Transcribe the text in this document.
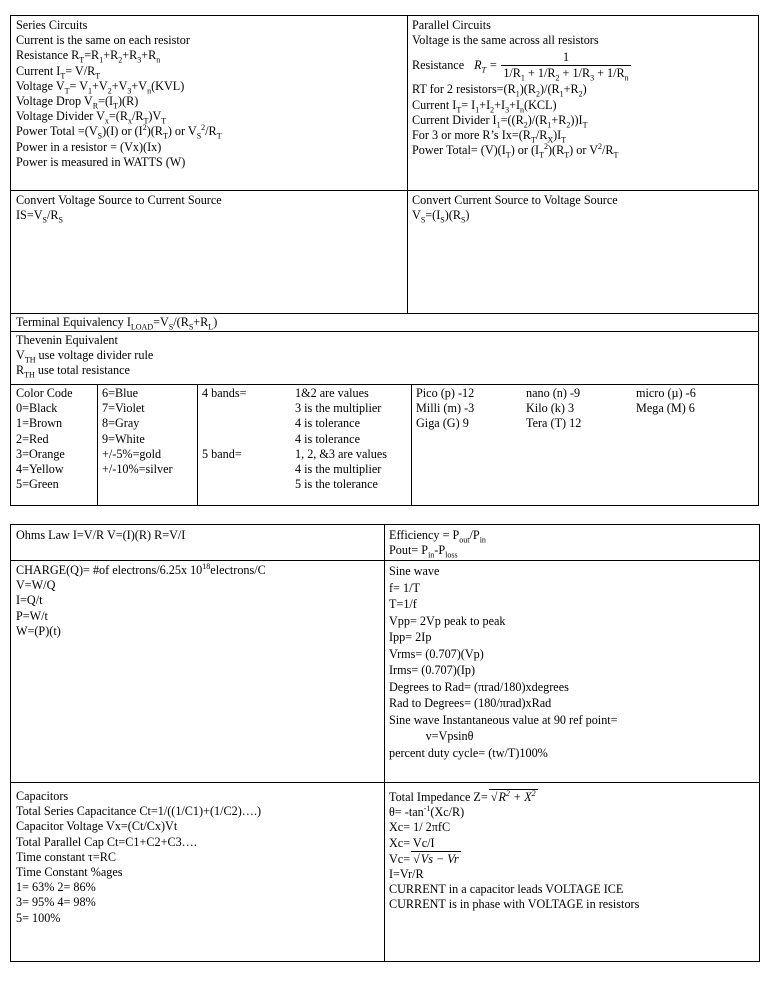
Series Circuits
Current is the same on each resistor
Resistance $R_T=R_1+R_2+R_3+R_n$
Current $I_T= V/R_T$
Voltage $V_T= V_1+V_2+V_3+V_n(KVL)$
Voltage Drop $V_R=(I_T)(R)$
Voltage Divider $V_x=(R_x/R_T)V_T$
Power Total $=(V_S)(I)$ or $(I^2)(R_T)$ or $V_S^2/R_T$
Power in a resistor = (Vx)(Ix)
Power is measured in WATTS (W)
Parallel Circuits
Voltage is the same across all resistors
Resistance $R_T = \frac{1}{1/R_1 + 1/R_2 + 1/R_3 + 1/R_n}$
RT for 2 $resistors=(R_1)(R_2)/(R_1+R_2)$
Current $I_T= I_1+I_2+I_3+I_n(KCL)$
Current Divider $I_1=((R_2)/(R_1+R_2))I_T$
For 3 or more R’s $Ix=(R_T/R_X)I_T$
Power Total= $(V)(I_T)$ or $(I_T^2)(R_T)$ or $V^2/R_T$
Convert Voltage Source to Current Source
$IS=V_S/R_S$
Convert Current Source to Voltage Source
$V_S=(I_S)(R_S)$
Terminal Equivalency $I_{LOAD}=V_S/(R_S+R_L)$
Thevenin Equivalent
$V_{TH}$ use voltage divider rule
$R_{TH}$ use total resistance
Color Code
0=Black
1=Brown
2=Red
3=Orange
4=Yellow
5=Green
6=Blue
7=Violet
8=Gray
9=White
+/-5%=gold
+/-10%=silver
4 bands=

5 band=
1&2 are values
3 is the multiplier
4 is tolerance
4 is tolerance
1, 2, &3 are values
4 is the multiplier
5 is the tolerance
Pico (p) -12
Milli (m) -3
Giga (G) 9
nano (n) -9
Kilo (k) 3
Tera (T) 12
micro (µ) -6
Mega (M) 6
Ohms Law I=V/R V=(I)(R) R=V/I	Efficiency = $P_{out}/P_{in}$
Pout= $P_{in}-P_{loss}$
CHARGE(Q)= #of electrons/6.25x $10^{18}electrons/C$
V=W/Q
I=Q/t
P=W/t
W=(P)(t)
Sine wave
f= 1/T
T=1/f
Vpp= 2Vp peak to peak
Ipp= 2Ip
Vrms= (0.707)(Vp)
Irms= (0.707)(Ip)
Degrees to Rad= (πrad/180)xdegrees
Rad to Degrees= (180/πrad)xRad
Sine wave Instantaneous value at 90 ref point=
v=Vpsinθ
percent duty cycle= (tw/T)100%
Capacitors
Total Series Capacitance Ct=1/((1/C1)+(1/C2)….)
Capacitor Voltage Vx=(Ct/Cx)Vt
Total Parallel Cap Ct=C1+C2+C3….
Time constant τ=RC
Time Constant %ages
1= 63% 2= 86%
3= 95% 4= 98%
5= 100%
Total Impedance $Z= √R^2 + X^2$
$\theta= -\tan^{-1}(Xc/R)$
Xc= 1/ 2πfC
Xc= Vc/I
Vc= √Vs − Vr
I=Vr/R
CURRENT in a capacitor leads VOLTAGE ICE
CURRENT is in phase with VOLTAGE in resistors
